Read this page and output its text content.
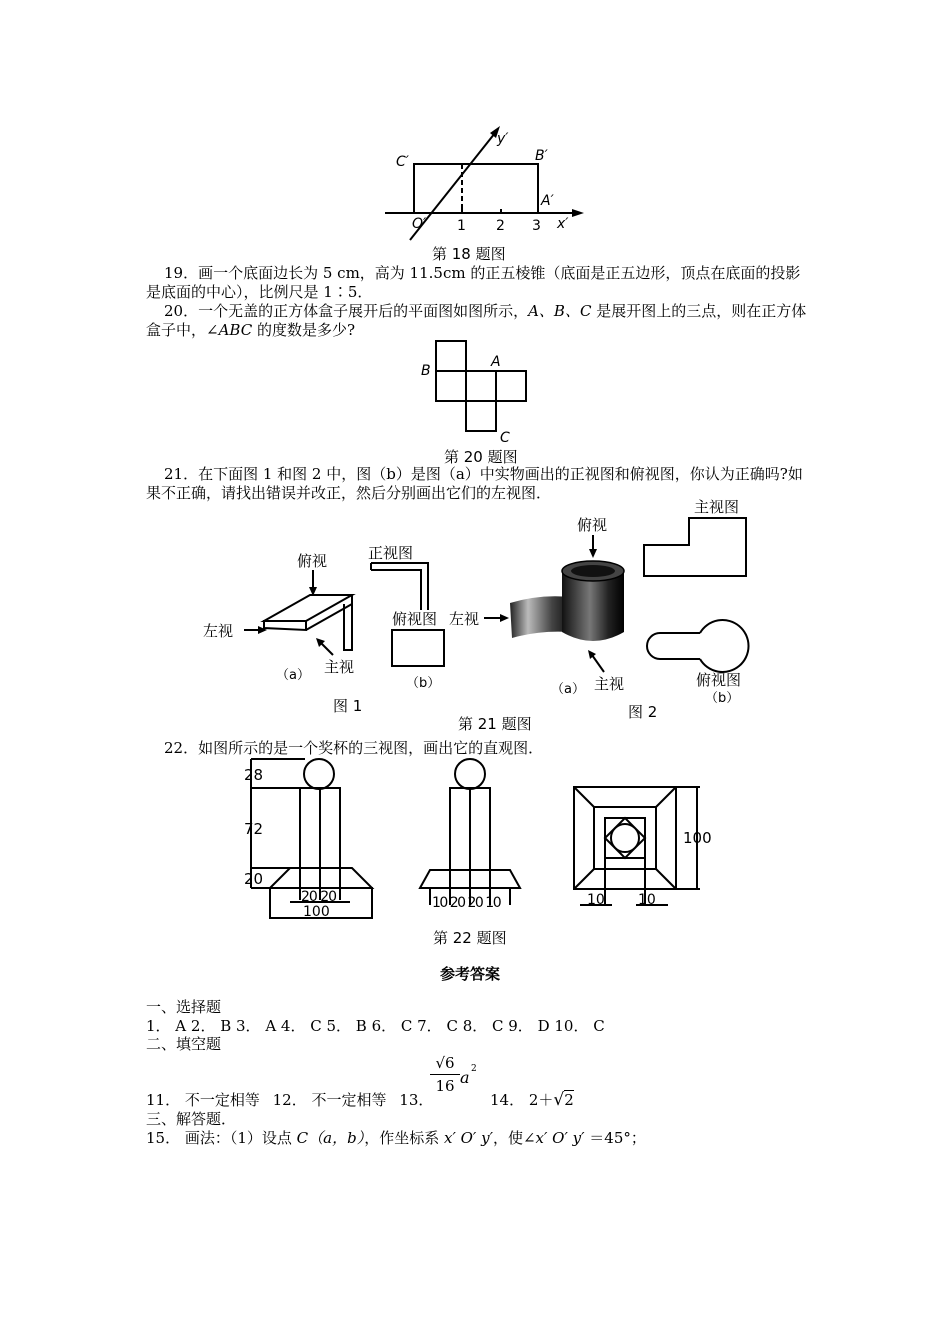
C′	B′
y′
A′
O′	x′
1 2 3
第 18 题图
19．画一个底面边长为 5 cm，高为 11.5cm 的正五棱锥（底面是正五边形，顶点在底面的投影是底面的中心），比例尺是 1∶5．
20．一个无盖的正方体盒子展开后的平面图如图所示，A、B、C 是展开图上的三点，则在正方体盒子中，∠ABC 的度数是多少?
B
A
C
第 20 题图
21．在下面图 1 和图 2 中，图（b）是图（a）中实物画出的正视图和俯视图，你认为正确吗?如果不正确，请找出错误并改正，然后分别画出它们的左视图．
俯视
左视
主视
（a）
正视图
俯视图
（b）
图 1
俯视
左视
主视
（a）
主视图
俯视图
（b）
图 2
第 21 题图
22．如图所示的是一个奖杯的三视图，画出它的直观图．
28
72
20
20 20
100
10 20 20 10
100
10 10
第 22 题图
参考答案
一、选择题
1． A 2． B 3． A 4． C 5． B 6． C 7． C 8． C 9． D 10． C
二、填空题
$\frac{√6}{16}$ a 2
11． 不一定相等 12． 不一定相等 13．	14． 2＋√2
三、解答题．
15． 画法：（1）设点 C（a，b），作坐标系 x′ O′ y′，使∠x′ O′ y′ ＝45°；
